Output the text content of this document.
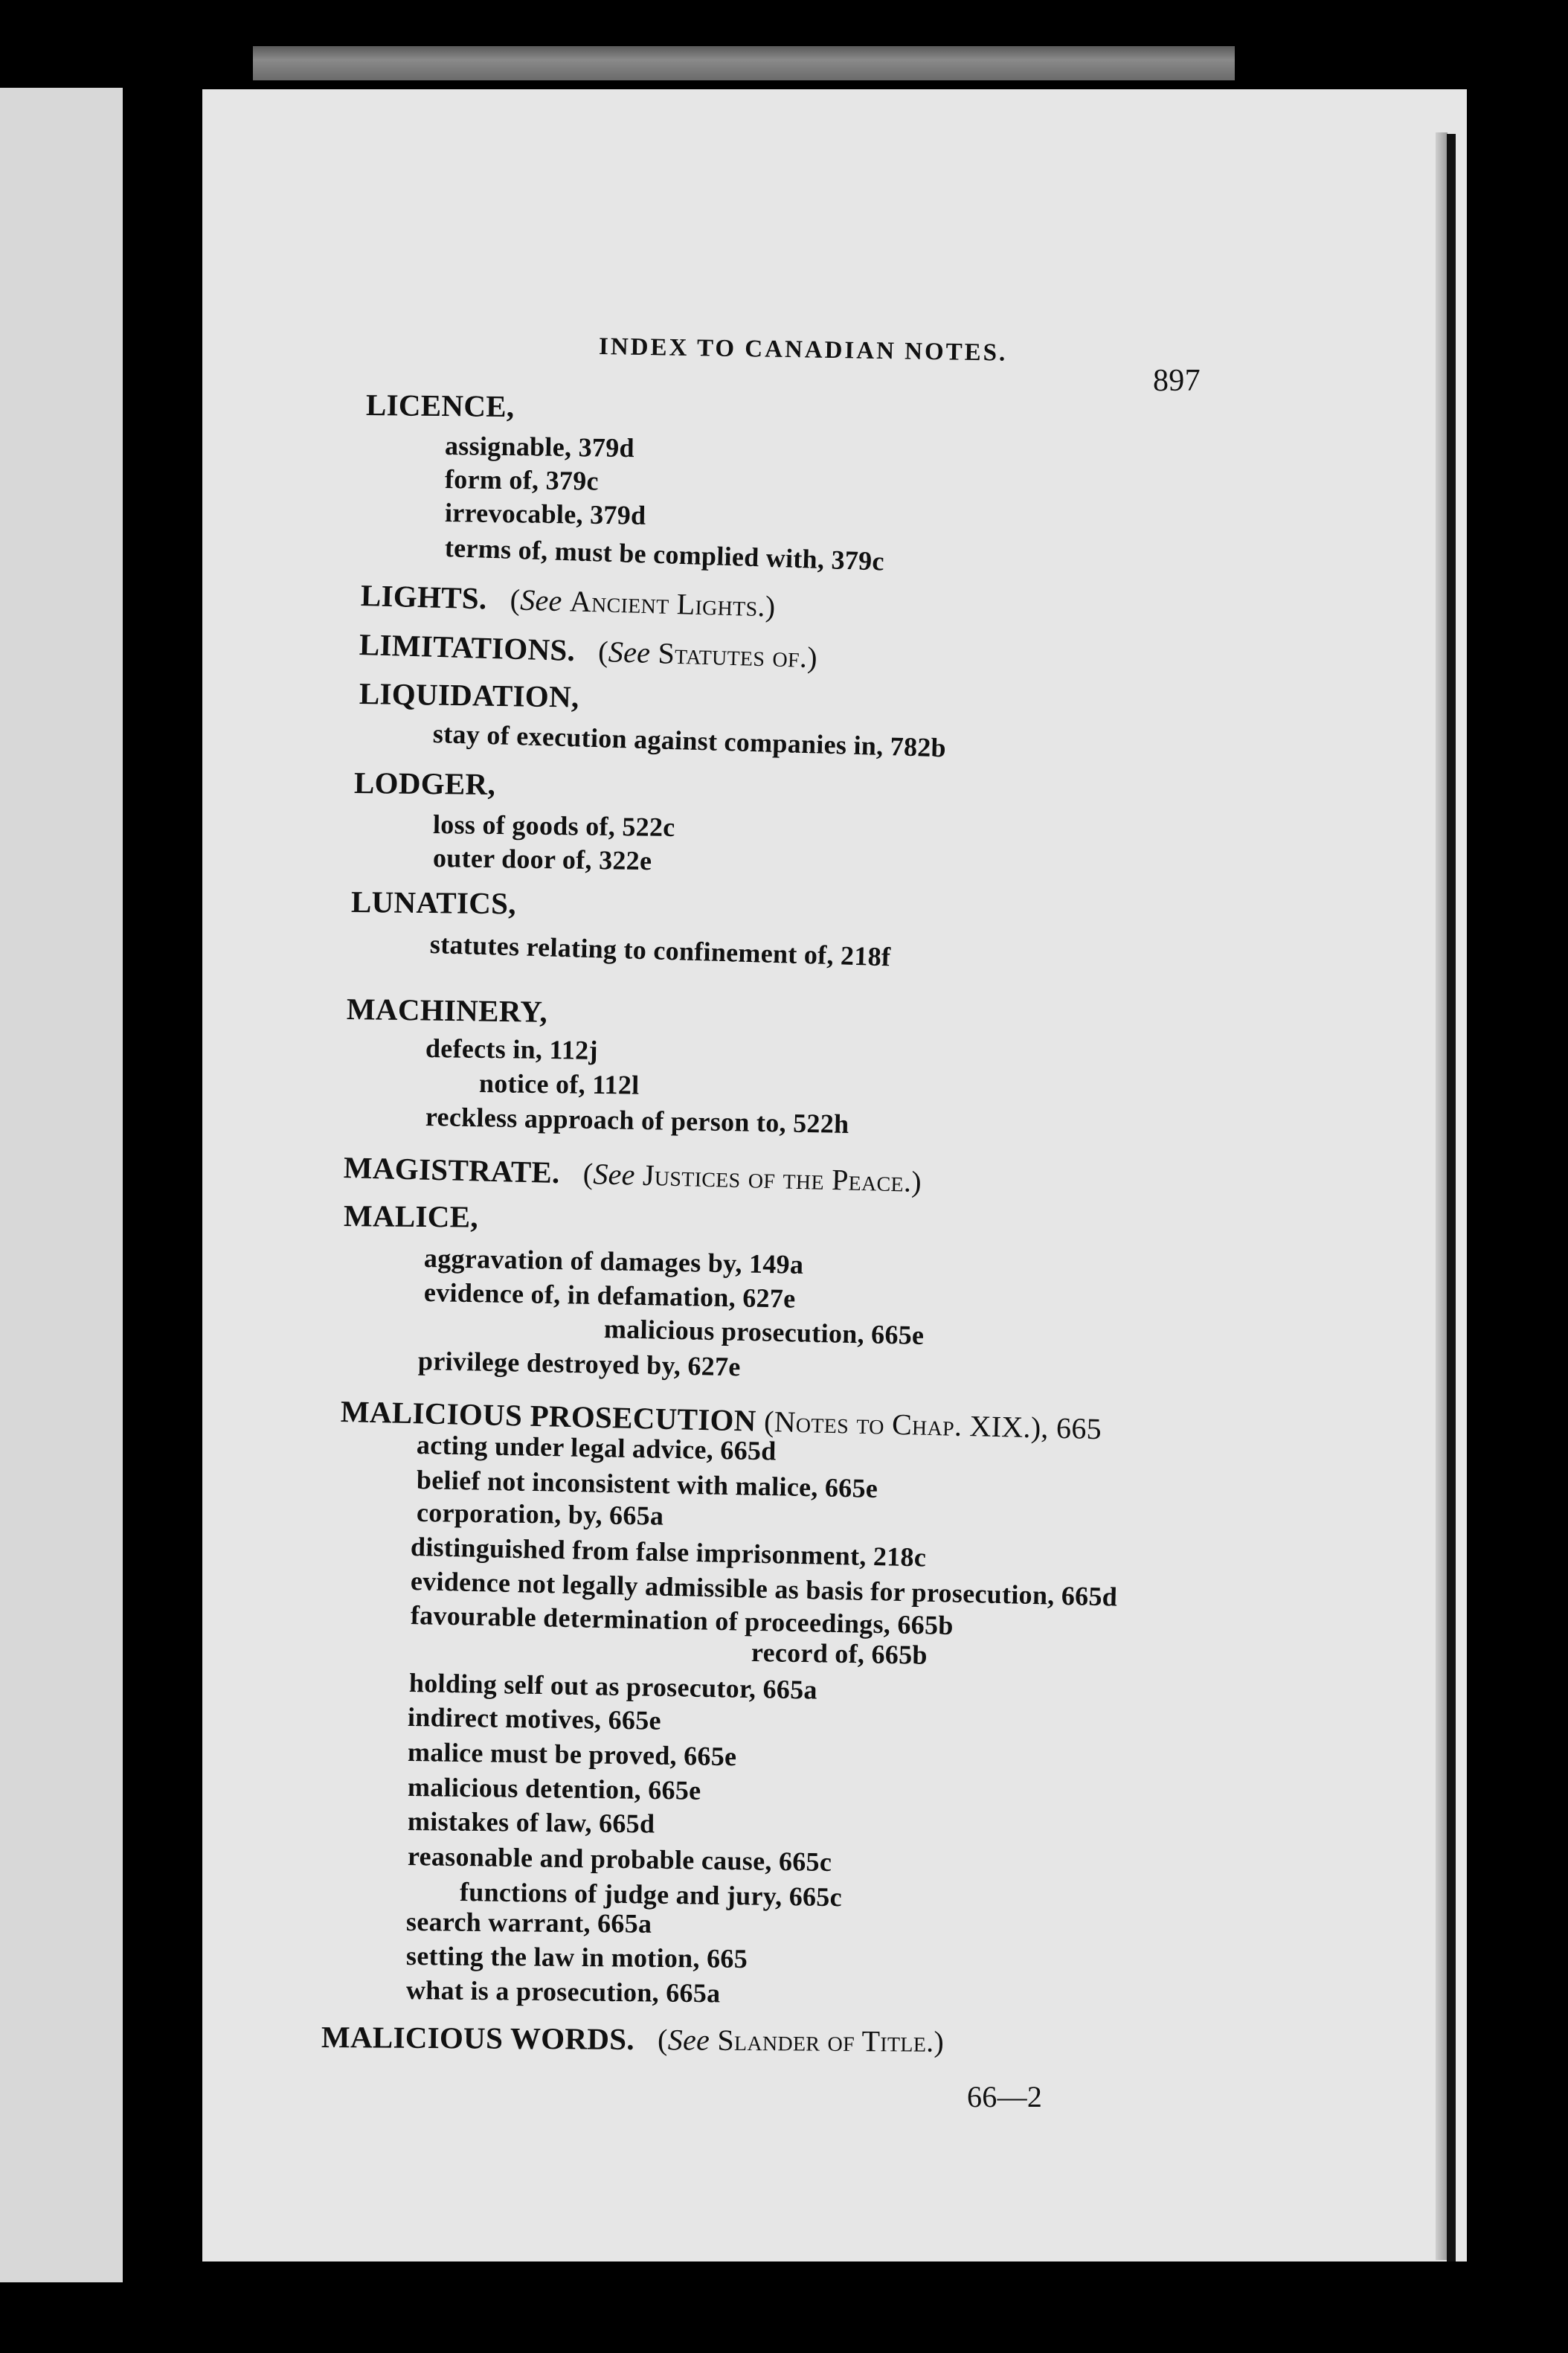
INDEX TO CANADIAN NOTES.
897
LICENCE,
assignable, 379d
form of, 379c
irrevocable, 379d
terms of, must be complied with, 379c
LIGHTS.   (See Ancient Lights.)
LIMITATIONS.   (See Statutes of.)
LIQUIDATION,
stay of execution against companies in, 782b
LODGER,
loss of goods of, 522c
outer door of, 322e
LUNATICS,
statutes relating to confinement of, 218f
MACHINERY,
defects in, 112j
notice of, 112l
reckless approach of person to, 522h
MAGISTRATE.   (See Justices of the Peace.)
MALICE,
aggravation of damages by, 149a
evidence of, in defamation, 627e
malicious prosecution, 665e
privilege destroyed by, 627e
MALICIOUS PROSECUTION (Notes to Chap. XIX.), 665
acting under legal advice, 665d
belief not inconsistent with malice, 665e
corporation, by, 665a
distinguished from false imprisonment, 218c
evidence not legally admissible as basis for prosecution, 665d
favourable determination of proceedings, 665b
record of, 665b
holding self out as prosecutor, 665a
indirect motives, 665e
malice must be proved, 665e
malicious detention, 665e
mistakes of law, 665d
reasonable and probable cause, 665c
functions of judge and jury, 665c
search warrant, 665a
setting the law in motion, 665
what is a prosecution, 665a
MALICIOUS WORDS.   (See Slander of Title.)
66—2
